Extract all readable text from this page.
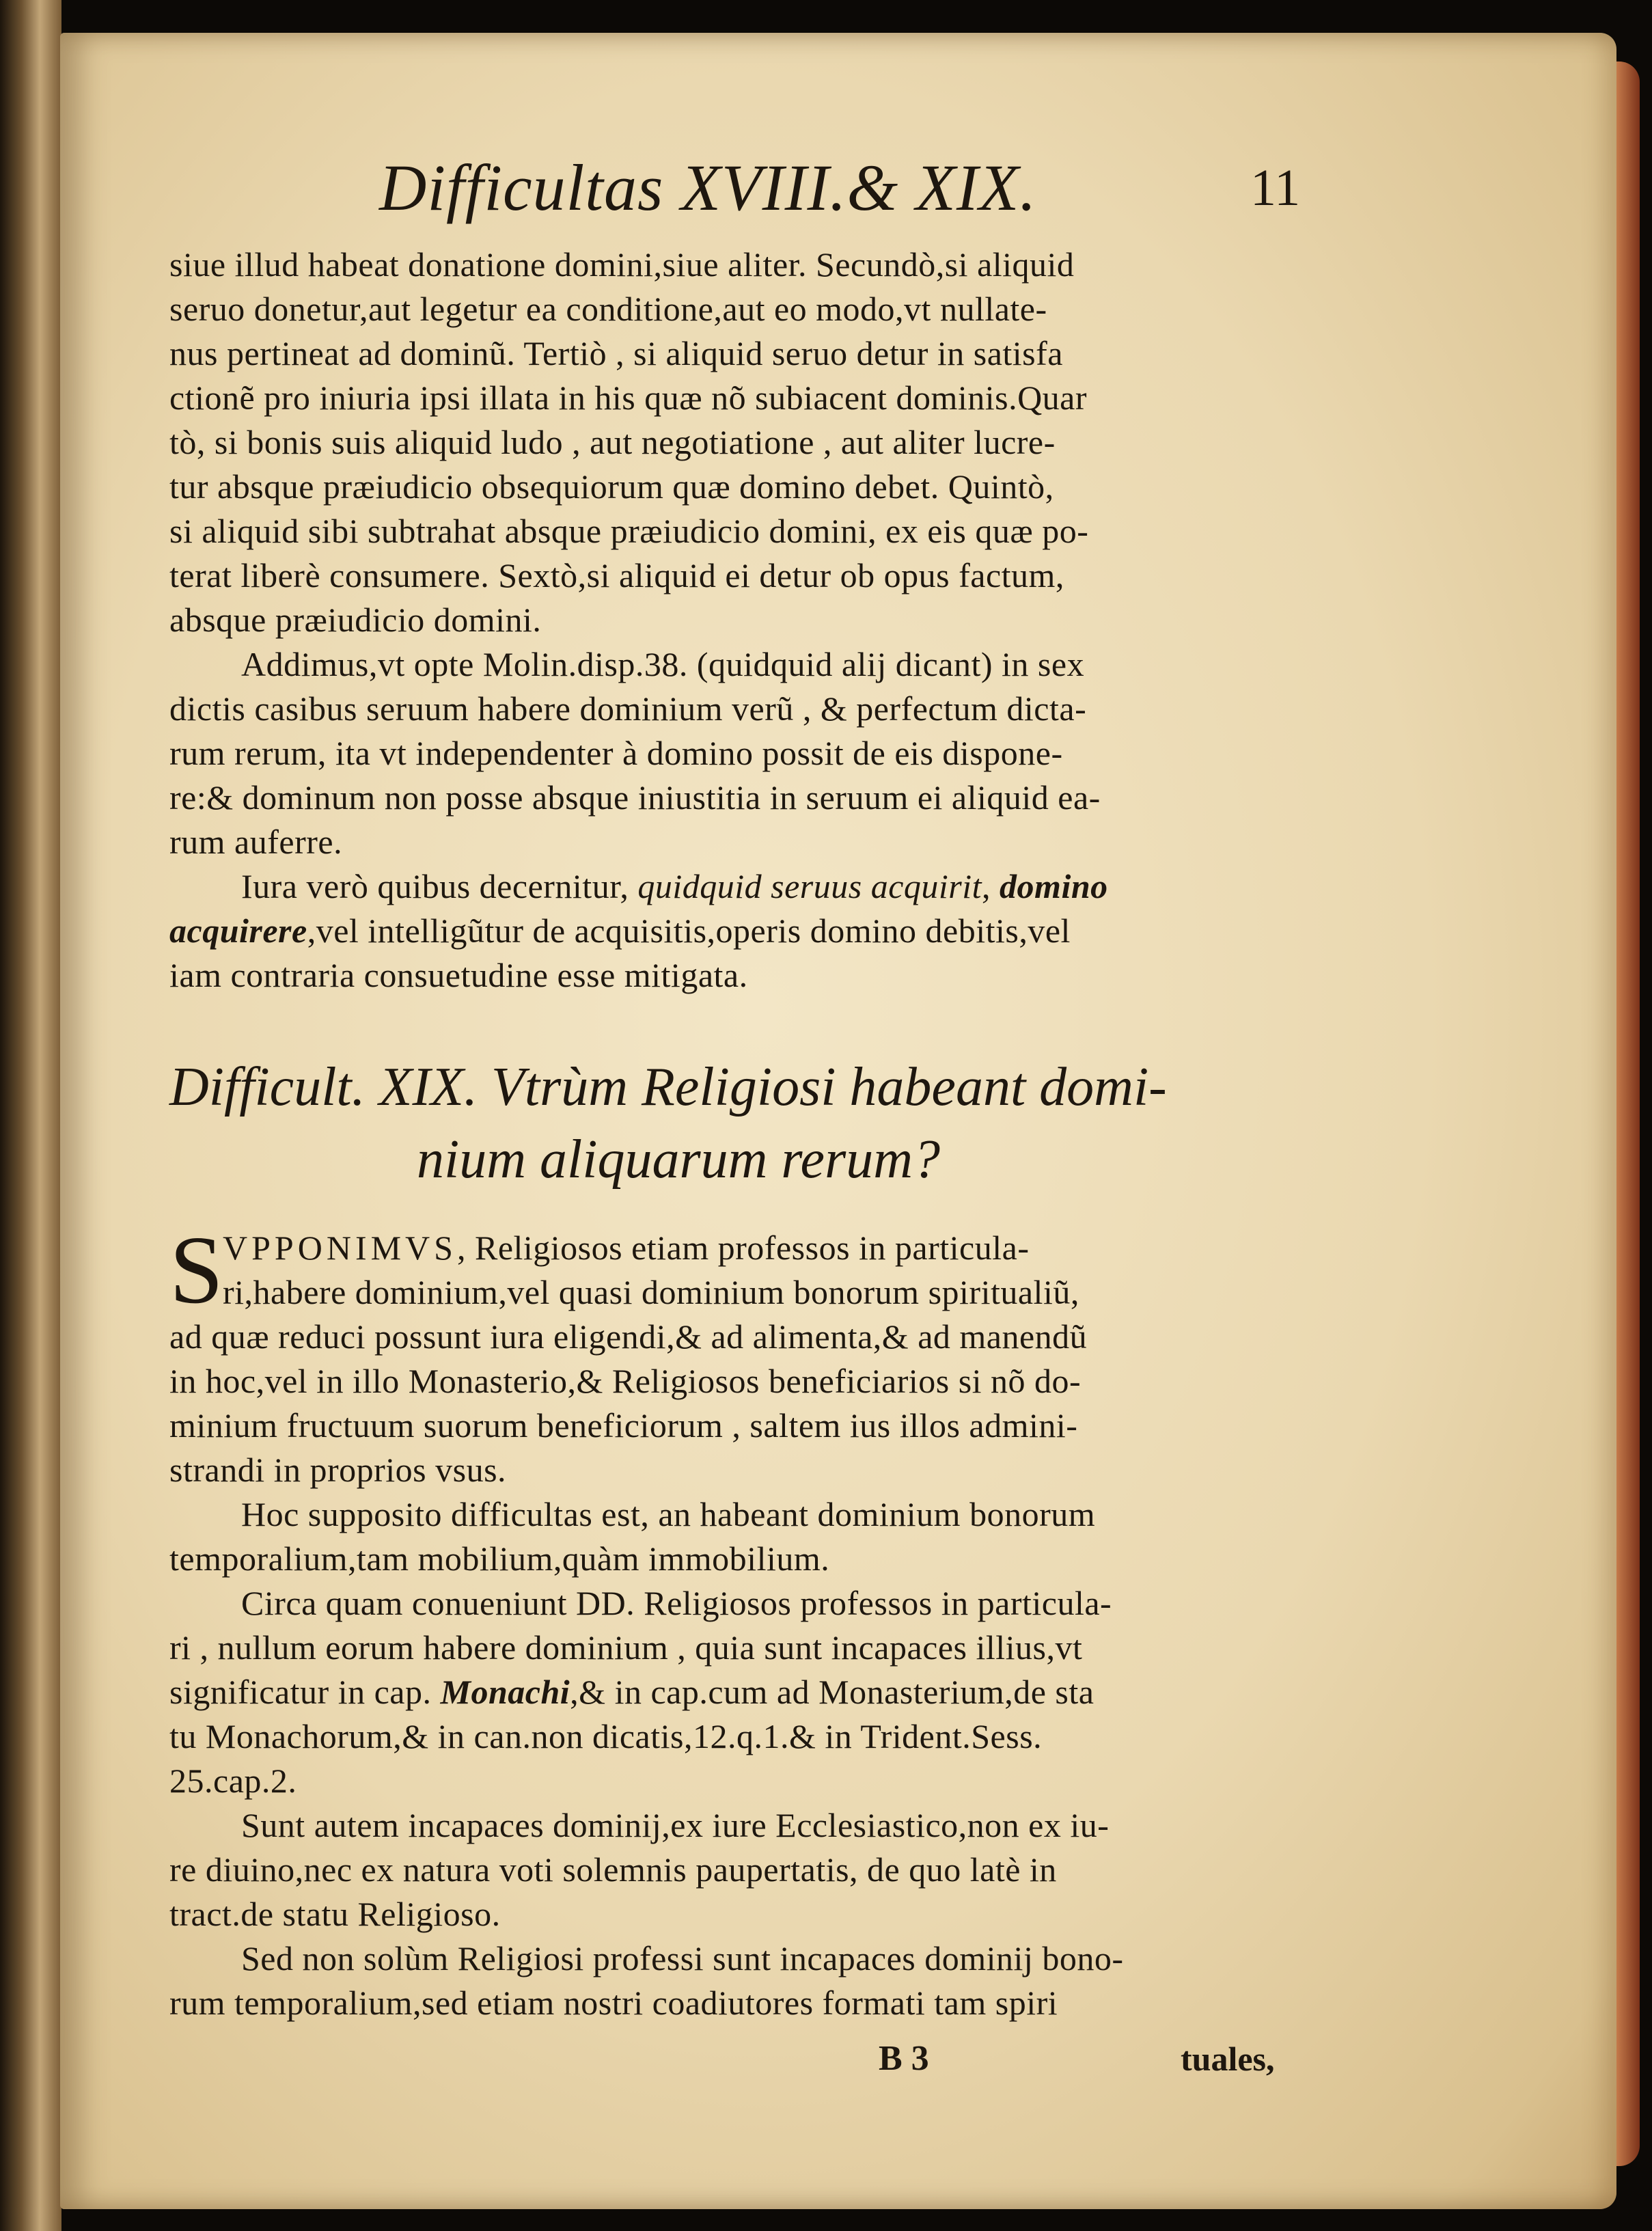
Difficultas XVIII.& XIX.	11
siue illud habeat donatione domini,siue aliter. Secundò,si aliquid
seruo donetur,aut legetur ea conditione,aut eo modo,vt nullate-
nus pertineat ad dominũ. Tertiò , si aliquid seruo detur in satisfa
ctionẽ pro iniuria ipsi illata in his quæ nõ subiacent dominis.Quar
tò, si bonis suis aliquid ludo , aut negotiatione , aut aliter lucre-
tur absque præiudicio obsequiorum quæ domino debet. Quintò,
si aliquid sibi subtrahat absque præiudicio domini, ex eis quæ po-
terat liberè consumere. Sextò,si aliquid ei detur ob opus factum,
absque præiudicio domini.
Addimus,vt opte Molin.disp.38. (quidquid alij dicant) in sex
dictis casibus seruum habere dominium verũ , & perfectum dicta-
rum rerum, ita vt independenter à domino possit de eis dispone-
re:& dominum non posse absque iniustitia in seruum ei aliquid ea-
rum auferre.
Iura verò quibus decernitur, quidquid seruus acquirit, domino
acquirere,vel intelligũtur de acquisitis,operis domino debitis,vel
iam contraria consuetudine esse mitigata.
Difficult. XIX. Vtrùm Religiosi habeant domi-
nium aliquarum rerum?
S VPPONIMVS, Religiosos etiam professos in particula-
ri,habere dominium,vel quasi dominium bonorum spiritualiũ,
ad quæ reduci possunt iura eligendi,& ad alimenta,& ad manendũ
in hoc,vel in illo Monasterio,& Religiosos beneficiarios si nõ do-
minium fructuum suorum beneficiorum , saltem ius illos admini-
strandi in proprios vsus.
Hoc supposito difficultas est, an habeant dominium bonorum
temporalium,tam mobilium,quàm immobilium.
Circa quam conueniunt DD. Religiosos professos in particula-
ri , nullum eorum habere dominium , quia sunt incapaces illius,vt
significatur in cap. Monachi,& in cap.cum ad Monasterium,de sta
tu Monachorum,& in can.non dicatis,12.q.1.& in Trident.Sess.
25.cap.2.
Sunt autem incapaces dominij,ex iure Ecclesiastico,non ex iu-
re diuino,nec ex natura voti solemnis paupertatis, de quo latè in
tract.de statu Religioso.
Sed non solùm Religiosi professi sunt incapaces dominij bono-
rum temporalium,sed etiam nostri coadiutores formati tam spiri
B 3	tuales,
